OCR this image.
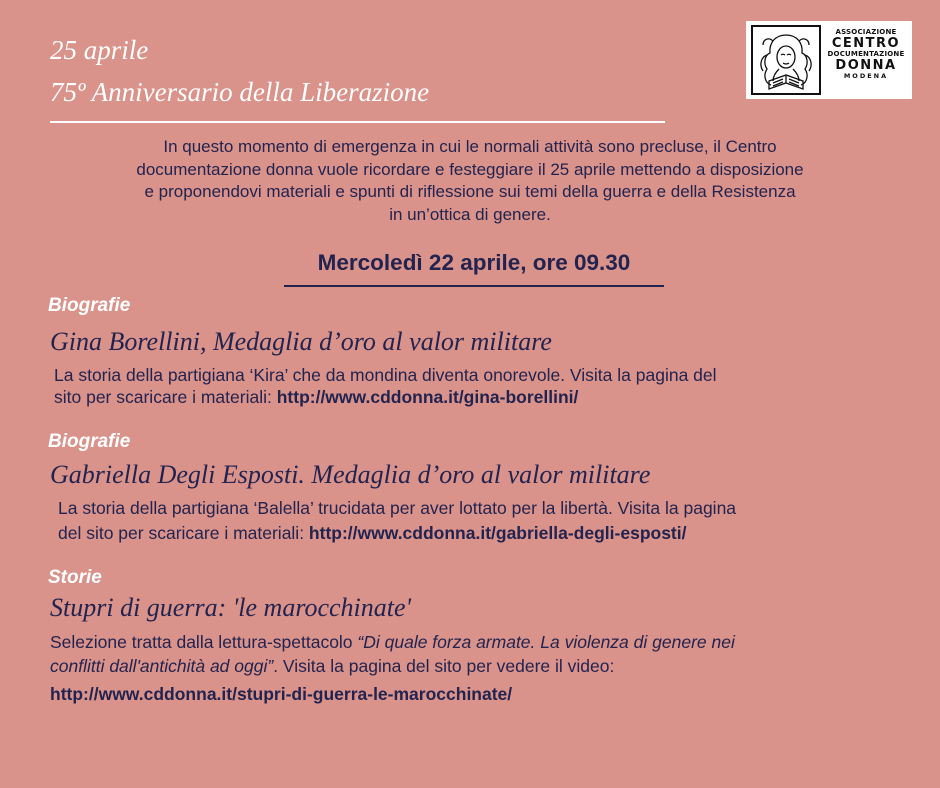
25 aprile
75º Anniversario della Liberazione
ASSOCIAZIONE
CENTRO
DOCUMENTAZIONE
DONNA
MODENA
In questo momento di emergenza in cui le normali attività sono precluse, il Centro
documentazione donna vuole ricordare e festeggiare il 25 aprile mettendo a disposizione
e proponendovi materiali e spunti di riflessione sui temi della guerra e della Resistenza
in un’ottica di genere.
Mercoledì 22 aprile, ore 09.30
Biografie
Gina Borellini, Medaglia d’oro al valor militare
La storia della partigiana ‘Kira’ che da mondina diventa onorevole. Visita la pagina del
sito per scaricare i materiali: http://www.cddonna.it/gina-borellini/
Biografie
Gabriella Degli Esposti. Medaglia d’oro al valor militare
La storia della partigiana ‘Balella’ trucidata per aver lottato per la libertà. Visita la pagina
del sito per scaricare i materiali: http://www.cddonna.it/gabriella-degli-esposti/
Storie
Stupri di guerra: 'le marocchinate'
Selezione tratta dalla lettura-spettacolo “Di quale forza armate. La violenza di genere nei
conflitti dall'antichità ad oggi”. Visita la pagina del sito per vedere il video:
http://www.cddonna.it/stupri-di-guerra-le-marocchinate/
